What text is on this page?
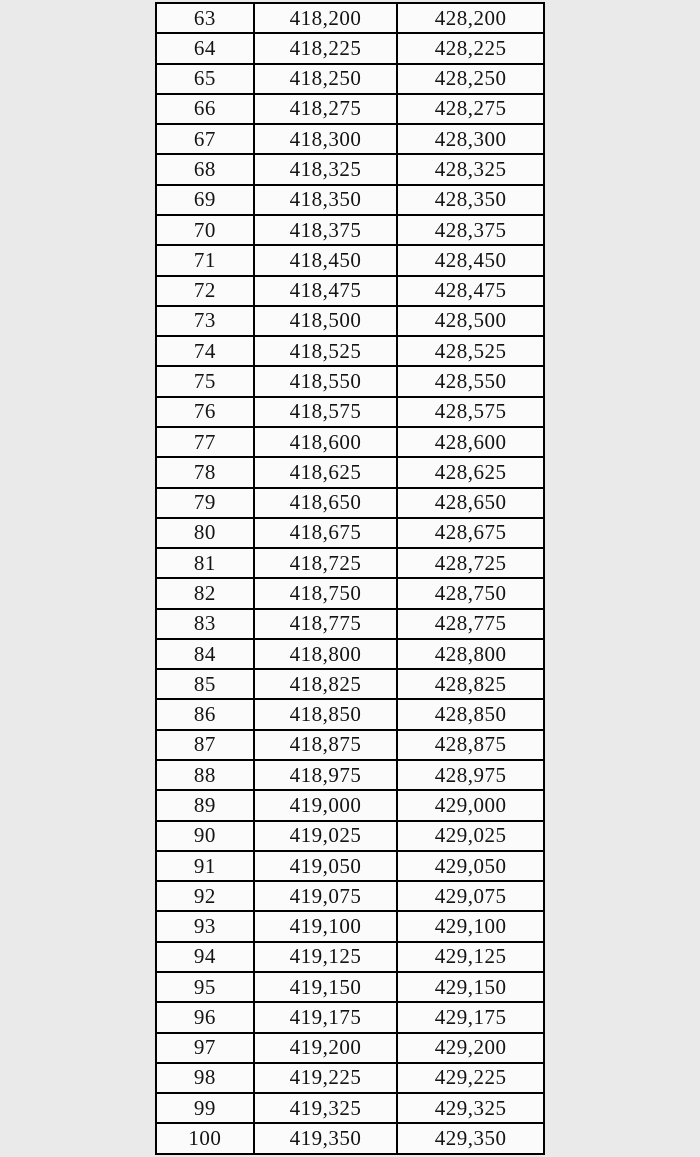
63	418,200	428,200
64	418,225	428,225
65	418,250	428,250
66	418,275	428,275
67	418,300	428,300
68	418,325	428,325
69	418,350	428,350
70	418,375	428,375
71	418,450	428,450
72	418,475	428,475
73	418,500	428,500
74	418,525	428,525
75	418,550	428,550
76	418,575	428,575
77	418,600	428,600
78	418,625	428,625
79	418,650	428,650
80	418,675	428,675
81	418,725	428,725
82	418,750	428,750
83	418,775	428,775
84	418,800	428,800
85	418,825	428,825
86	418,850	428,850
87	418,875	428,875
88	418,975	428,975
89	419,000	429,000
90	419,025	429,025
91	419,050	429,050
92	419,075	429,075
93	419,100	429,100
94	419,125	429,125
95	419,150	429,150
96	419,175	429,175
97	419,200	429,200
98	419,225	429,225
99	419,325	429,325
100	419,350	429,350
